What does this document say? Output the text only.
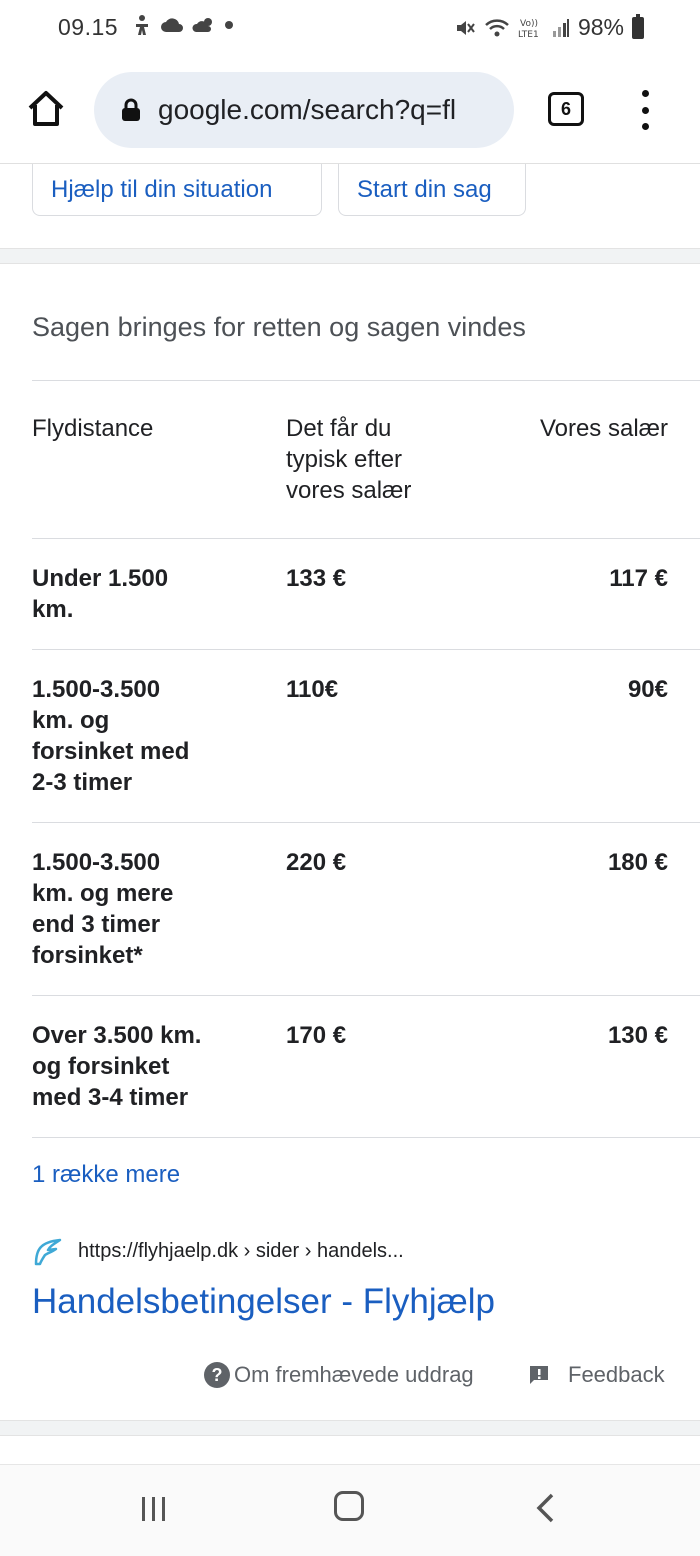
09.15	Vo))
LTE1 98%
google.com/search?q=fl	6
Hjælp til din situation	Start din sag
Sagen bringes for retten og sagen vindes
Flydistance	Det får du
typisk efter
vores salær
Vores salær
Under 1.500
km.
133 €	117 €
1.500-3.500
km. og
forsinket med
2-3 timer
110€	90€
1.500-3.500
km. og mere
end 3 timer
forsinket*
220 €	180 €
Over 3.500 km.
og forsinket
med 3-4 timer
170 €	130 €
1 række mere
https://flyhjaelp.dk › sider › handels...
Handelsbetingelser - Flyhjælp
? Om fremhævede uddrag	Feedback
